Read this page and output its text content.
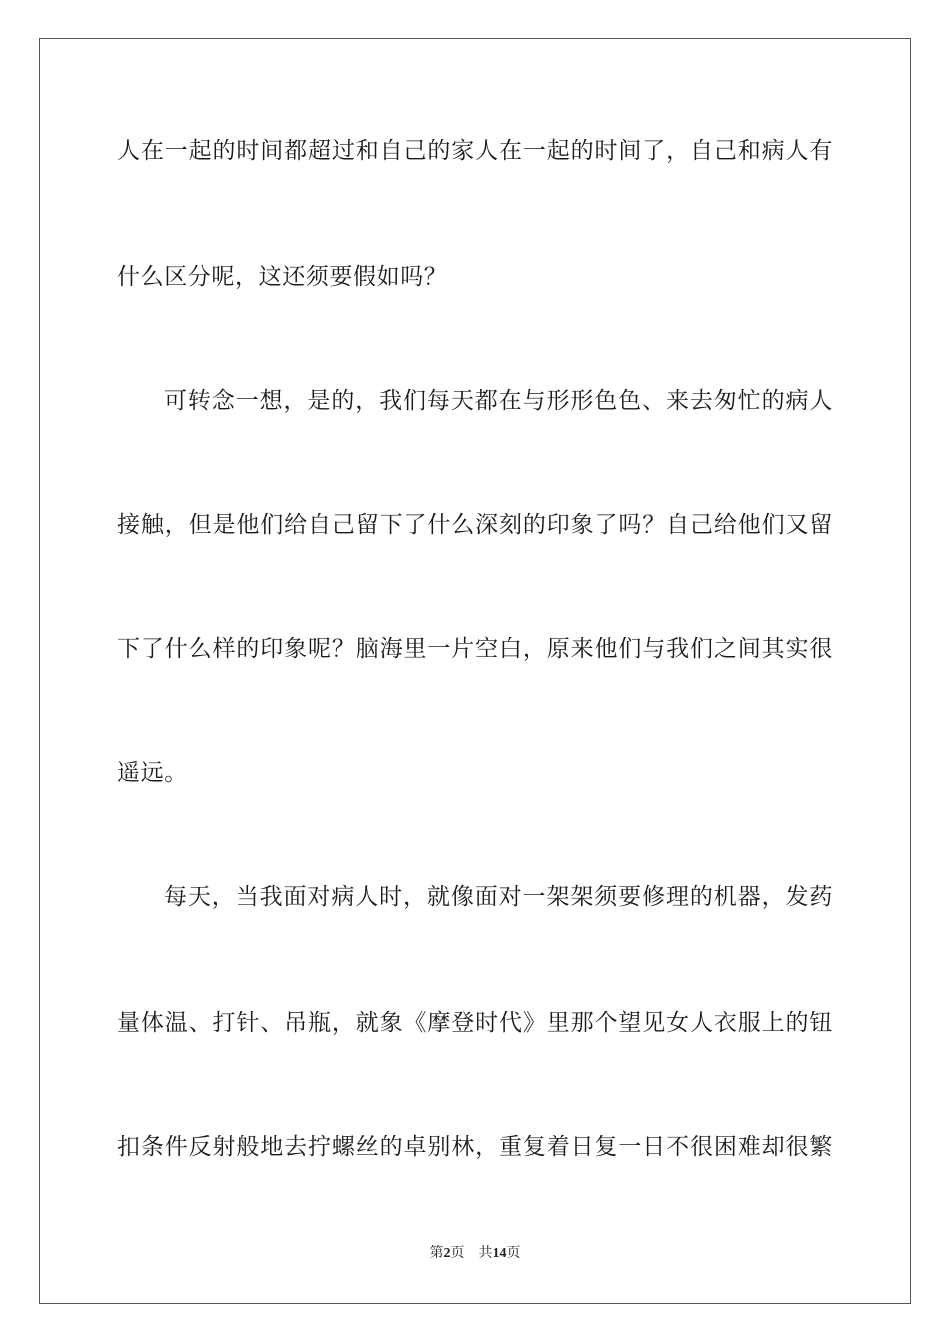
人在一起的时间都超过和自己的家人在一起的时间了，自己和病人有
什么区分呢，这还须要假如吗？
可转念一想，是的，我们每天都在与形形色色、来去匆忙的病人
接触，但是他们给自己留下了什么深刻的印象了吗？自己给他们又留
下了什么样的印象呢？脑海里一片空白，原来他们与我们之间其实很
遥远。
每天，当我面对病人时，就像面对一架架须要修理的机器，发药
量体温、打针、吊瓶，就象《摩登时代》里那个望见女人衣服上的钮
扣条件反射般地去拧螺丝的卓别林，重复着日复一日不很困难却很繁
第2页 共14页
